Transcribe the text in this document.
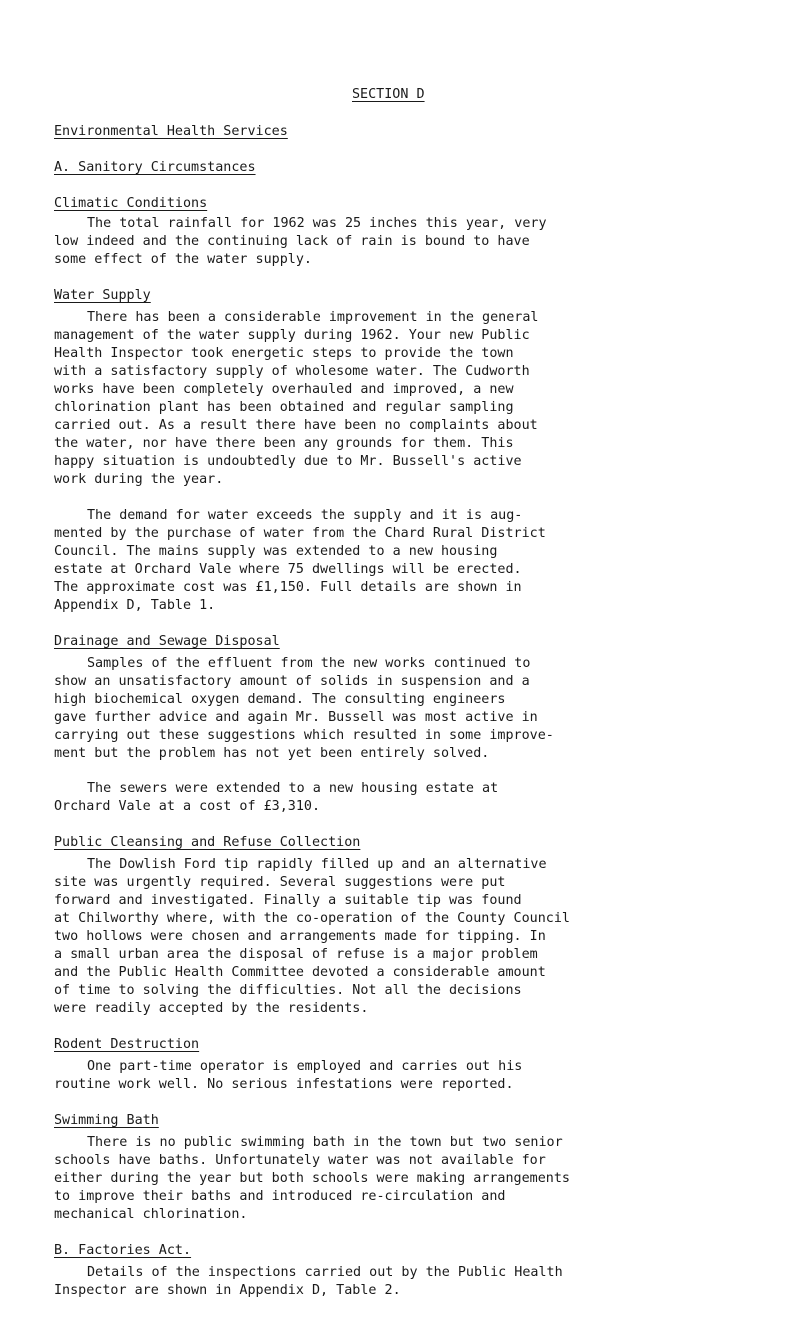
SECTION D
Environmental Health Services
A. Sanitory Circumstances
Climatic Conditions
The total rainfall for 1962 was 25 inches this year, very
low indeed and the continuing lack of rain is bound to have
some effect of the water supply.
Water Supply
There has been a considerable improvement in the general
management of the water supply during 1962. Your new Public
Health Inspector took energetic steps to provide the town
with a satisfactory supply of wholesome water. The Cudworth
works have been completely overhauled and improved, a new
chlorination plant has been obtained and regular sampling
carried out. As a result there have been no complaints about
the water, nor have there been any grounds for them. This
happy situation is undoubtedly due to Mr. Bussell's active
work during the year.
The demand for water exceeds the supply and it is aug-
mented by the purchase of water from the Chard Rural District
Council. The mains supply was extended to a new housing
estate at Orchard Vale where 75 dwellings will be erected.
The approximate cost was £1,150. Full details are shown in
Appendix D, Table 1.
Drainage and Sewage Disposal
Samples of the effluent from the new works continued to
show an unsatisfactory amount of solids in suspension and a
high biochemical oxygen demand. The consulting engineers
gave further advice and again Mr. Bussell was most active in
carrying out these suggestions which resulted in some improve-
ment but the problem has not yet been entirely solved.
The sewers were extended to a new housing estate at
Orchard Vale at a cost of £3,310.
Public Cleansing and Refuse Collection
The Dowlish Ford tip rapidly filled up and an alternative
site was urgently required. Several suggestions were put
forward and investigated. Finally a suitable tip was found
at Chilworthy where, with the co-operation of the County Council
two hollows were chosen and arrangements made for tipping. In
a small urban area the disposal of refuse is a major problem
and the Public Health Committee devoted a considerable amount
of time to solving the difficulties. Not all the decisions
were readily accepted by the residents.
Rodent Destruction
One part-time operator is employed and carries out his
routine work well. No serious infestations were reported.
Swimming Bath
There is no public swimming bath in the town but two senior
schools have baths. Unfortunately water was not available for
either during the year but both schools were making arrangements
to improve their baths and introduced re-circulation and
mechanical chlorination.
B. Factories Act.
Details of the inspections carried out by the Public Health
Inspector are shown in Appendix D, Table 2.
